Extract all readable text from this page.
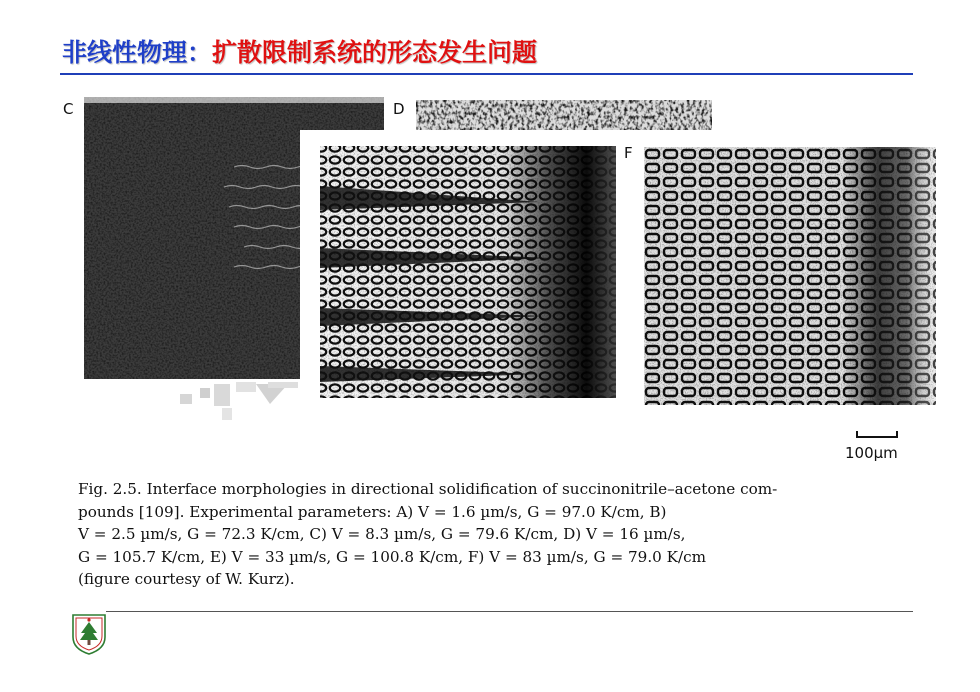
非线性物理：扩散限制系统的形态发生问题
C	D
F
100µm

Fig. 2.5. Interface morphologies in directional solidification of succinonitrile–acetone com-

pounds [109]. Experimental parameters: A) V = 1.6 µm/s, G = 97.0 K/cm, B)

V = 2.5 µm/s, G = 72.3 K/cm, C) V = 8.3 µm/s, G = 79.6 K/cm, D) V = 16 µm/s,

G = 105.7 K/cm, E) V = 33 µm/s, G = 100.8 K/cm, F) V = 83 µm/s, G = 79.0 K/cm

(figure courtesy of W. Kurz).
